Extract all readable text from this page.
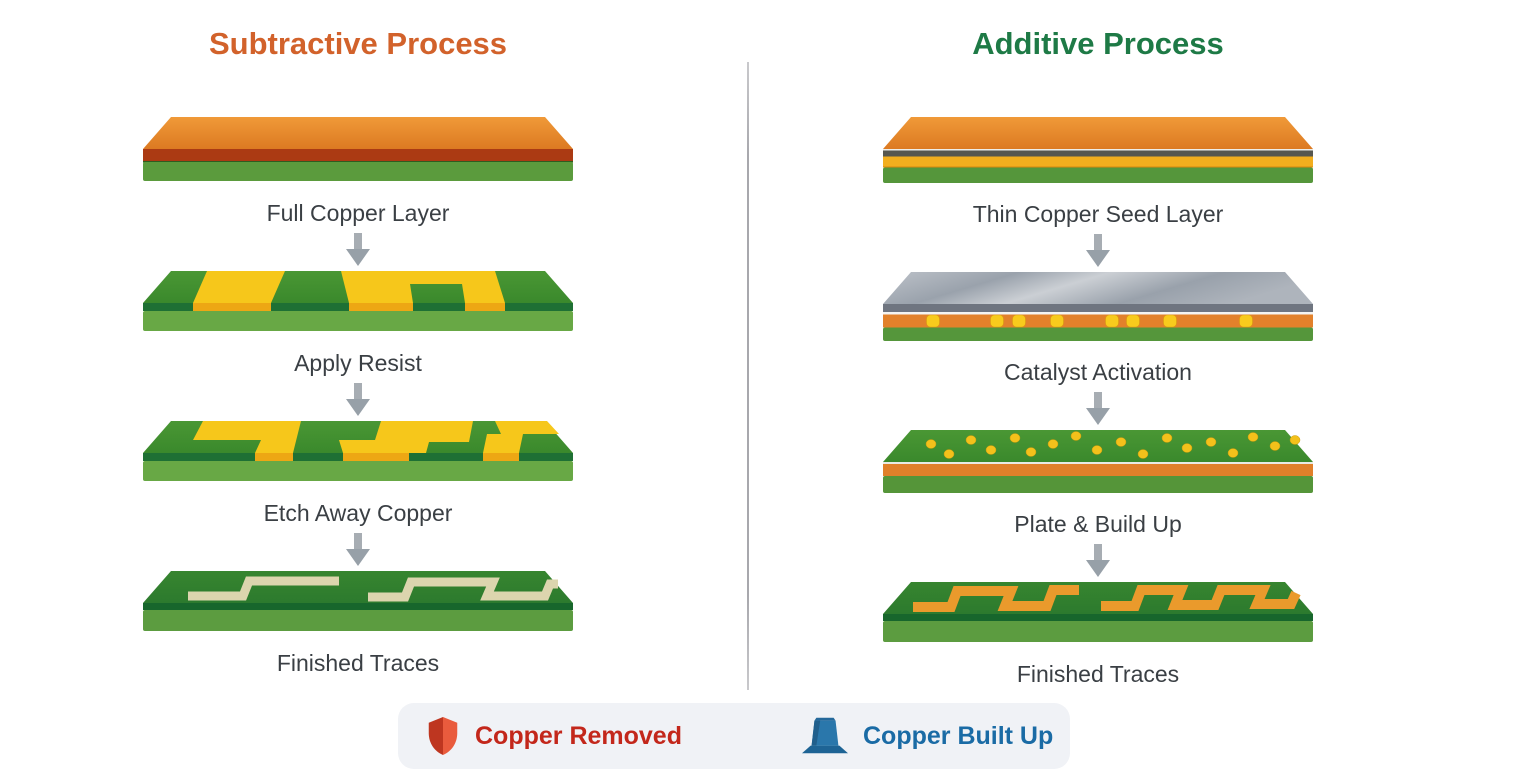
Subtractive Process
Full Copper Layer
Apply Resist
Etch Away Copper
Finished Traces
Additive Process
Thin Copper Seed Layer
Catalyst Activation
Plate & Build Up
Finished Traces
Copper Removed	Copper Built Up
